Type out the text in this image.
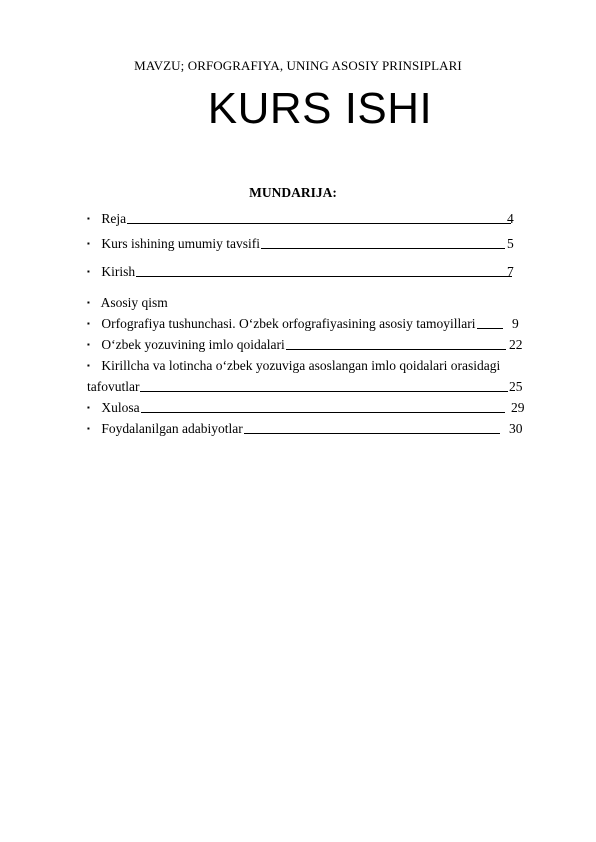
MAVZU; ORFOGRAFIYA, UNING ASOSIY PRINSIPLARI
KURS ISHI
MUNDARIJA:
▪ Reja	4
▪ Kurs ishining umumiy tavsifi	5
▪ Kirish	7
▪ Asosiy qism
▪ Orfografiya tushunchasi. O‘zbek orfografiyasining asosiy tamoyillari	9
▪ O‘zbek yozuvining imlo qoidalari	22
▪ Kirillcha va lotincha o‘zbek yozuviga asoslangan imlo qoidalari orasidagi
tafovutlar	25
▪ Xulosa	29
▪ Foydalanilgan adabiyotlar	30
